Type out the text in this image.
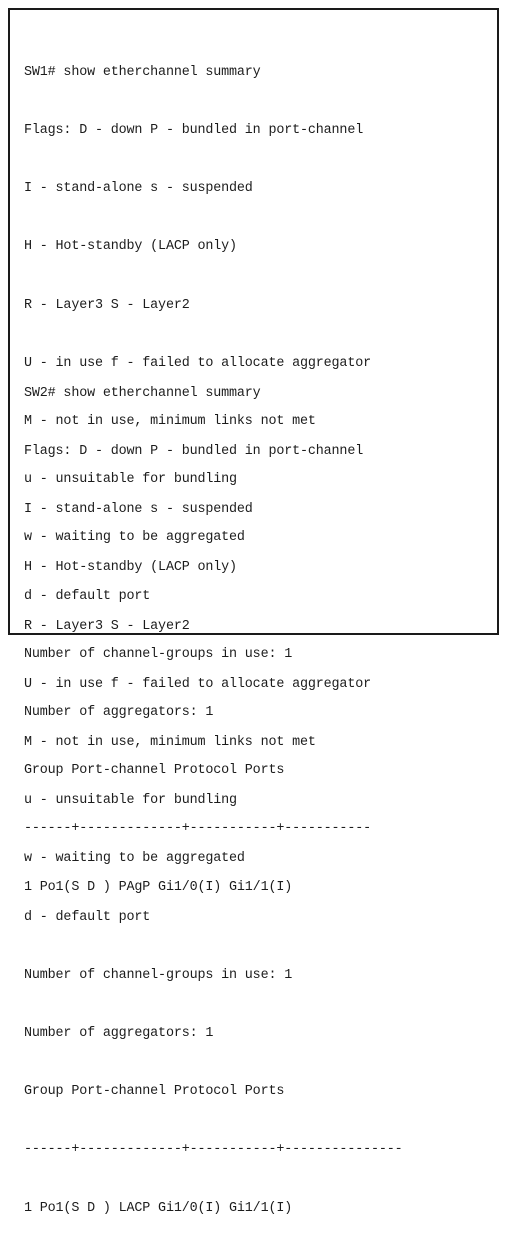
SW1# show etherchannel summary

Flags: D - down P - bundled in port-channel

I - stand-alone s - suspended

H - Hot-standby (LACP only)

R - Layer3 S - Layer2

U - in use f - failed to allocate aggregator

M - not in use, minimum links not met

u - unsuitable for bundling

w - waiting to be aggregated

d - default port

Number of channel-groups in use: 1

Number of aggregators: 1

Group Port-channel Protocol Ports

------+-------------+-----------+-----------

1 Po1(S D ) PAgP Gi1/0(I) Gi1/1(I)

SW2# show etherchannel summary

Flags: D - down P - bundled in port-channel

I - stand-alone s - suspended

H - Hot-standby (LACP only)

R - Layer3 S - Layer2

U - in use f - failed to allocate aggregator

M - not in use, minimum links not met

u - unsuitable for bundling

w - waiting to be aggregated

d - default port

Number of channel-groups in use: 1

Number of aggregators: 1

Group Port-channel Protocol Ports

------+-------------+-----------+---------------

1 Po1(S D ) LACP Gi1/0(I) Gi1/1(I)
